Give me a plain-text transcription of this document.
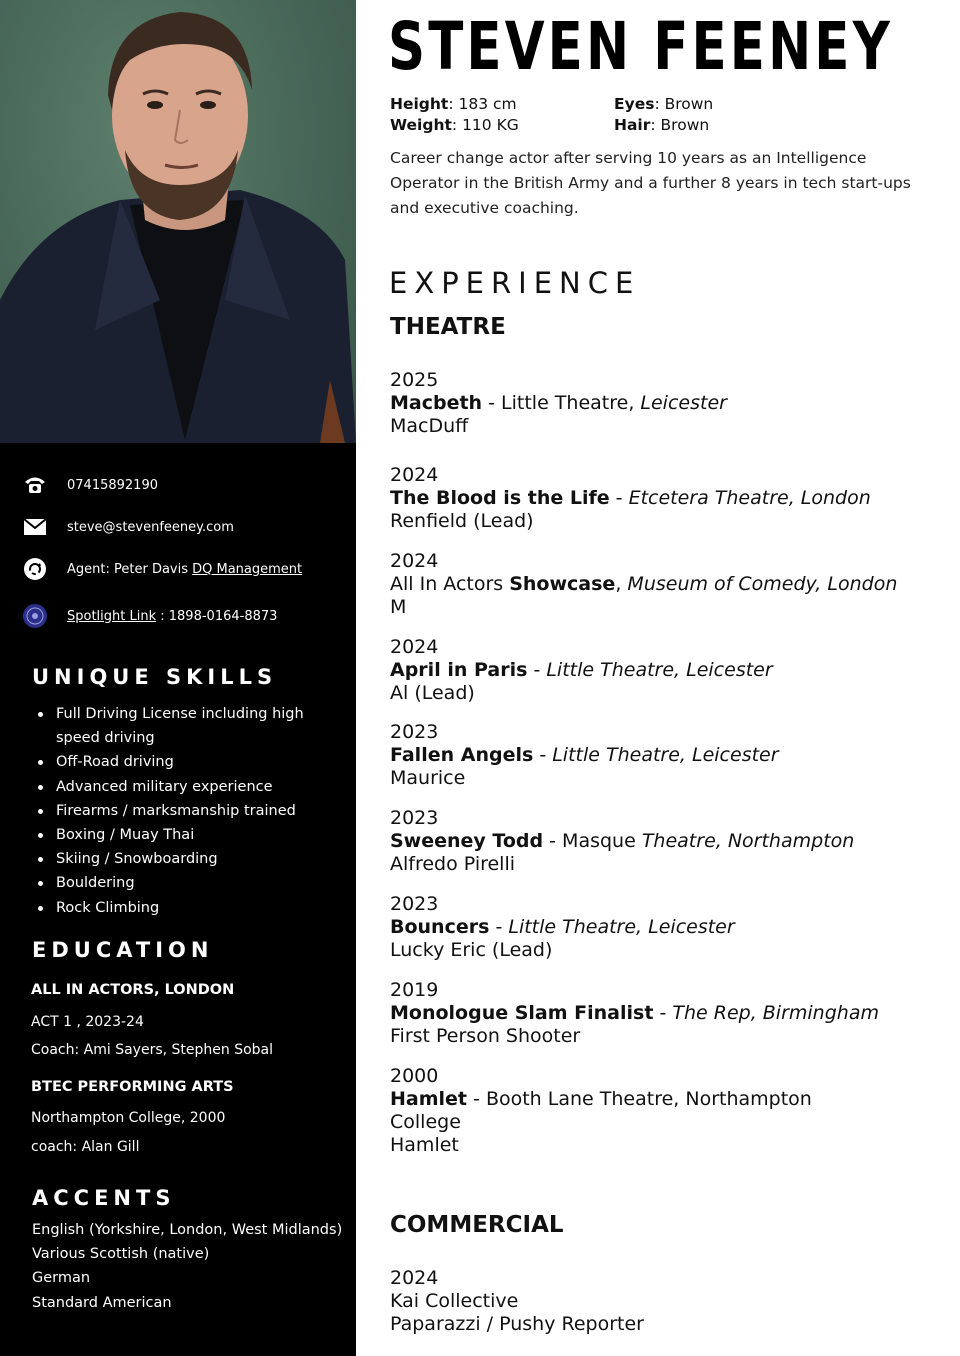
07415892190
steve@stevenfeeney.com
Agent: Peter Davis DQ Management
Spotlight Link : 1898-0164-8873
UNIQUE SKILLS
Full Driving License including high speed driving
Off-Road driving
Advanced military experience
Firearms / marksmanship trained
Boxing / Muay Thai
Skiing / Snowboarding
Bouldering
Rock Climbing
EDUCATION
ALL IN ACTORS, LONDON
ACT 1 , 2023-24
Coach: Ami Sayers, Stephen Sobal
BTEC PERFORMING ARTS
Northampton College, 2000
coach: Alan Gill
ACCENTS
English (Yorkshire, London, West Midlands)
Various Scottish (native)
German
Standard American
STEVEN FEENEY
Height: 183 cm
Weight: 110 KG
Eyes: Brown
Hair: Brown
Career change actor after serving 10 years as an Intelligence Operator in the British Army and a further 8 years in tech start-ups and executive coaching.
EXPERIENCE
THEATRE
2025
Macbeth - Little Theatre, Leicester
MacDuff
2024
The Blood is the Life - Etcetera Theatre, London
Renfield (Lead)
2024
All In Actors Showcase, Museum of Comedy, London
M
2024
April in Paris - Little Theatre, Leicester
Al (Lead)
2023
Fallen Angels - Little Theatre, Leicester
Maurice
2023
Sweeney Todd - Masque Theatre, Northampton
Alfredo Pirelli
2023
Bouncers - Little Theatre, Leicester
Lucky Eric (Lead)
2019
Monologue Slam Finalist - The Rep, Birmingham
First Person Shooter
2000
Hamlet - Booth Lane Theatre, Northampton College
Hamlet
COMMERCIAL
2024
Kai Collective
Paparazzi / Pushy Reporter
